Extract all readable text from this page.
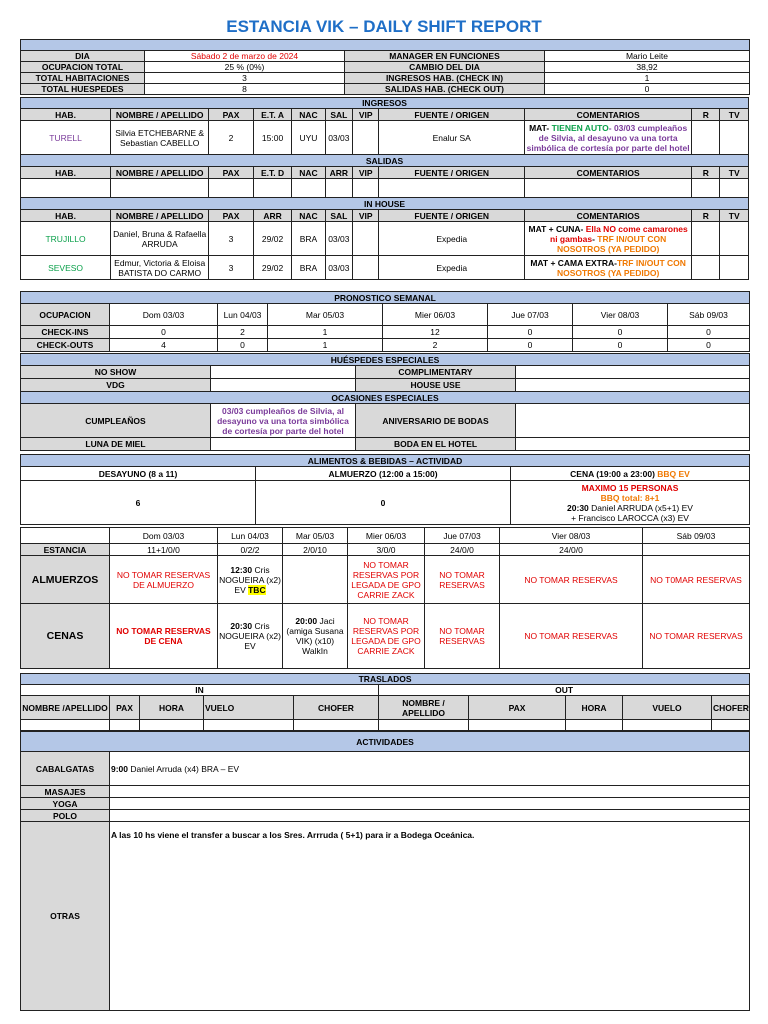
ESTANCIA VIK – DAILY SHIFT REPORT

DIA	Sábado 2 de marzo de 2024	MANAGER EN FUNCIONES	Mario Leite
OCUPACION TOTAL	25 % (0%)	CAMBIO DEL DIA	38,92
TOTAL HABITACIONES	3	INGRESOS HAB. (CHECK IN)	1
TOTAL HUESPEDES	8	SALIDAS HAB. (CHECK OUT)	0
INGRESOS										
HAB.	NOMBRE / APELLIDO	PAX	E.T. A	NAC	SAL	VIP	FUENTE / ORIGEN	COMENTARIOS	R	TV
TURELL	Silvia ETCHEBARNE & Sebastian CABELLO	2	15:00	UYU	03/03		Enalur SA	MAT- TIENEN AUTO- 03/03 cumpleaños de Silvia, al desayuno va una torta simbólica de cortesía por parte del hotel		
SALIDAS										
HAB.	NOMBRE / APELLIDO	PAX	E.T. D	NAC	ARR	VIP	FUENTE / ORIGEN	COMENTARIOS	R	TV

IN HOUSE										
HAB.	NOMBRE / APELLIDO	PAX	ARR	NAC	SAL	VIP	FUENTE / ORIGEN	COMENTARIOS	R	TV
TRUJILLO	Daniel, Bruna & Rafaella ARRUDA	3	29/02	BRA	03/03		Expedia	MAT + CUNA- Ella NO come camarones ni gambas- TRF IN/OUT CON NOSOTROS (YA PEDIDO)		
SEVESO	Edmur, Victoria & Eloisa BATISTA DO CARMO	3	29/02	BRA	03/03		Expedia	MAT + CAMA EXTRA-TRF IN/OUT CON NOSOTROS (YA PEDIDO)		
PRONOSTICO SEMANAL							
OCUPACION	Dom 03/03	Lun 04/03	Mar 05/03	Mier 06/03	Jue 07/03	Vier 08/03	Sáb 09/03
CHECK-INS	0	2	1	12	0	0	0
CHECK-OUTS	4	0	1	2	0	0	0
HUÉSPEDES ESPECIALES			
NO SHOW		COMPLIMENTARY	
VDG		HOUSE USE	
OCASIONES ESPECIALES			
CUMPLEAÑOS	03/03 cumpleaños de Silvia, al desayuno va una torta simbólica de cortesía por parte del hotel	ANIVERSARIO DE BODAS	
LUNA DE MIEL		BODA EN EL HOTEL	
ALIMENTOS & BEBIDAS – ACTIVIDAD		
DESAYUNO (8 a 11)	ALMUERZO (12:00 a 15:00)	CENA (19:00 a 23:00) BBQ EV
6	0	MAXIMO 15 PERSONAS
BBQ total: 8+1
20:30 Daniel ARRUDA (x5+1) EV
+ Francisco LAROCCA (x3) EV
	Dom 03/03	Lun 04/03	Mar 05/03	Mier 06/03	Jue 07/03	Vier 08/03	Sáb 09/03
ESTANCIA	11+1/0/0	0/2/2	2/0/10	3/0/0	24/0/0	24/0/0	
ALMUERZOS	NO TOMAR RESERVAS DE ALMUERZO	12:30 Cris NOGUEIRA (x2) EV TBC		NO TOMAR RESERVAS POR LEGADA DE GPO CARRIE ZACK	NO TOMAR RESERVAS	NO TOMAR RESERVAS	NO T0MAR RESERVAS
CENAS	NO TOMAR RESERVAS DE CENA	20:30 Cris NOGUEIRA (x2) EV	20:00 Jaci (amiga Susana VIK) (x10) WalkIn	NO TOMAR RESERVAS POR LEGADA DE GPO CARRIE ZACK	NO TOMAR RESERVAS	NO TOMAR RESERVAS	NO TOMAR RESERVAS
TRASLADOS									
IN					OUT				
NOMBRE /APELLIDO	PAX	HORA	VUELO	CHOFER	NOMBRE / APELLIDO	PAX	HORA	VUELO	CHOFER

ACTIVIDADES	
CABALGATAS	9:00 Daniel Arruda (x4) BRA – EV
MASAJES	
YOGA	
POLO	
OTRAS	A las 10 hs viene el transfer a buscar a los Sres. Arrruda ( 5+1) para ir a Bodega Oceánica.
